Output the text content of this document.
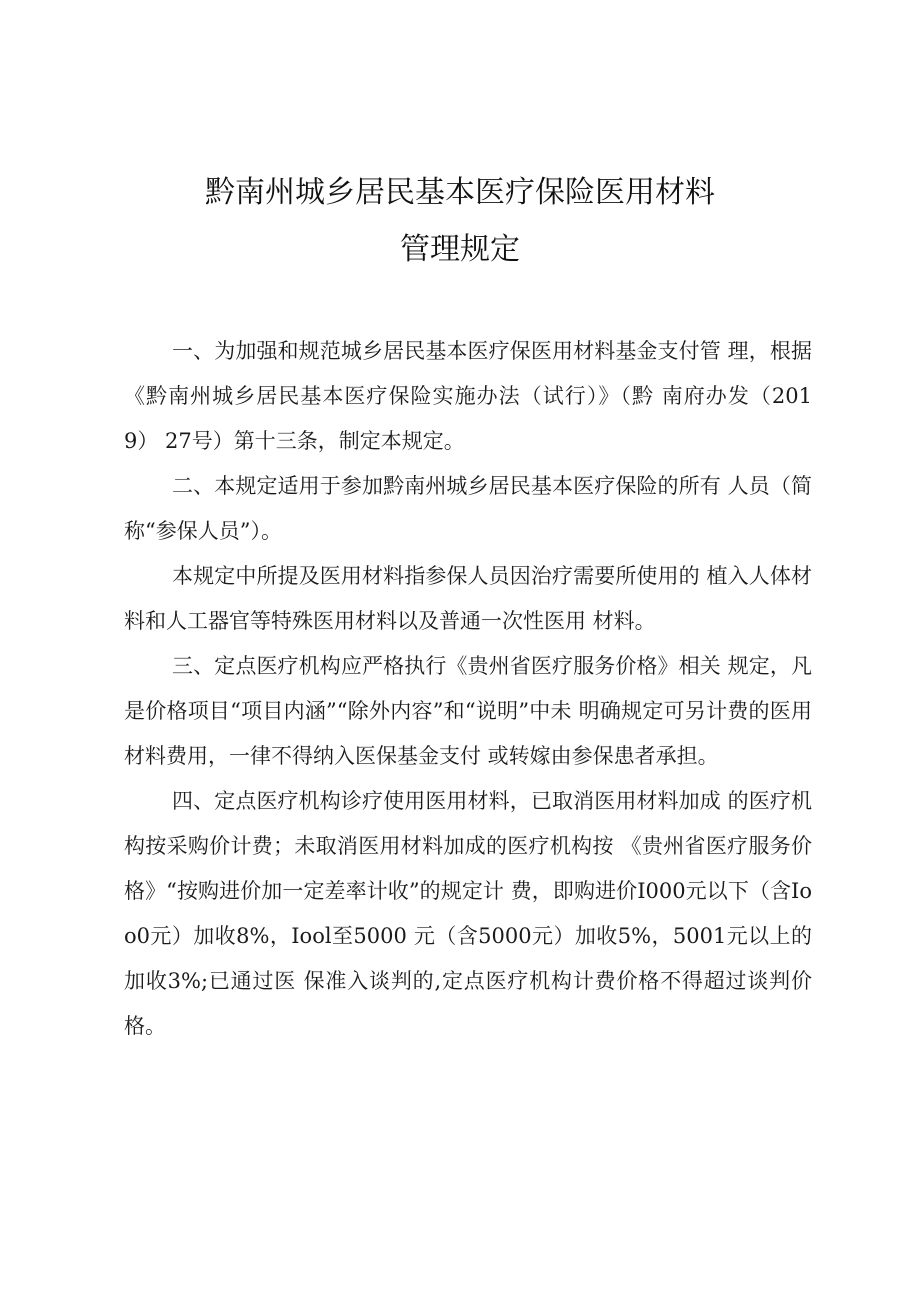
黔南州城乡居民基本医疗保险医用材料
管理规定

一、为加强和规范城乡居民基本医疗保医用材料基金支付管 理，根据《黔南州城乡居民基本医疗保险实施办法（试行）》（黔 南府办发（2019） 27号）第十三条，制定本规定。

二、本规定适用于参加黔南州城乡居民基本医疗保险的所有 人员（简称“参保人员”）。

本规定中所提及医用材料指参保人员因治疗需要所使用的 植入人体材料和人工器官等特殊医用材料以及普通一次性医用 材料。

三、定点医疗机构应严格执行《贵州省医疗服务价格》相关 规定，凡是价格项目“项目内涵”“除外内容”和“说明”中未 明确规定可另计费的医用材料费用，一律不得纳入医保基金支付 或转嫁由参保患者承担。

四、定点医疗机构诊疗使用医用材料，已取消医用材料加成 的医疗机构按采购价计费；未取消医用材料加成的医疗机构按 《贵州省医疗服务价格》“按购进价加一定差率计收”的规定计 费，即购进价I000元以下（含Ioo0元）加收8%，Iool至5000 元（含5000元）加收5%，5001元以上的加收3%;已通过医 保准入谈判的,定点医疗机构计费价格不得超过谈判价格。
